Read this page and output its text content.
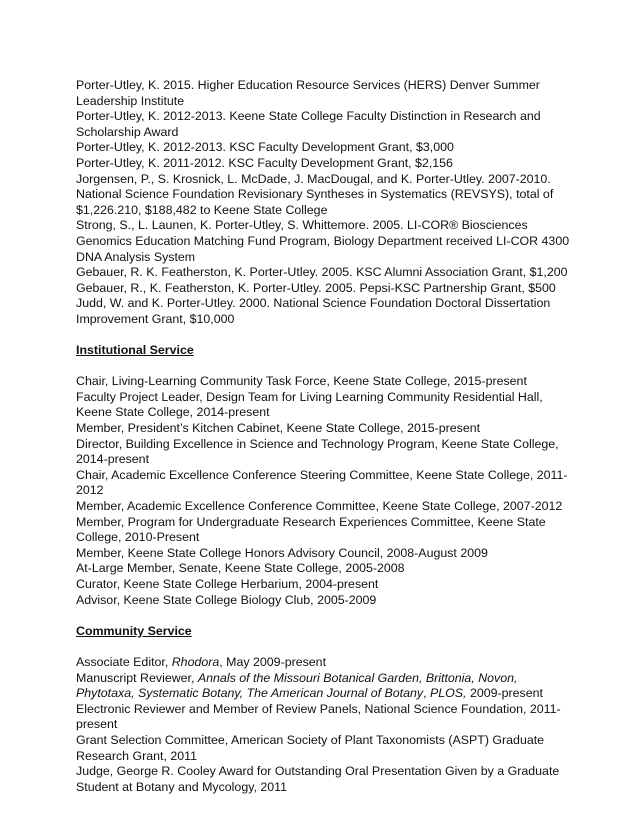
Porter-Utley, K. 2015. Higher Education Resource Services (HERS) Denver Summer Leadership Institute

Porter-Utley, K. 2012-2013. Keene State College Faculty Distinction in Research and Scholarship Award

Porter-Utley, K. 2012-2013. KSC Faculty Development Grant, $3,000

Porter-Utley, K. 2011-2012. KSC Faculty Development Grant, $2,156

Jorgensen, P., S. Krosnick, L. McDade, J. MacDougal, and K. Porter-Utley. 2007-2010. National Science Foundation Revisionary Syntheses in Systematics (REVSYS), total of $1,226.210, $188,482 to Keene State College

Strong, S., L. Launen, K. Porter-Utley, S. Whittemore. 2005. LI-COR® Biosciences Genomics Education Matching Fund Program, Biology Department received LI-COR 4300 DNA Analysis System

Gebauer, R. K. Featherston, K. Porter-Utley. 2005. KSC Alumni Association Grant, $1,200

Gebauer, R., K. Featherston, K. Porter-Utley. 2005. Pepsi-KSC Partnership Grant, $500

Judd, W. and K. Porter-Utley. 2000. National Science Foundation Doctoral Dissertation Improvement Grant, $10,000

Institutional Service

Chair, Living-Learning Community Task Force, Keene State College, 2015-present

Faculty Project Leader, Design Team for Living Learning Community Residential Hall, Keene State College, 2014-present

Member, President’s Kitchen Cabinet, Keene State College, 2015-present

Director, Building Excellence in Science and Technology Program, Keene State College, 2014-present

Chair, Academic Excellence Conference Steering Committee, Keene State College, 2011-2012

Member, Academic Excellence Conference Committee, Keene State College, 2007-2012

Member, Program for Undergraduate Research Experiences Committee, Keene State College, 2010-Present

Member, Keene State College Honors Advisory Council, 2008-August 2009

At-Large Member, Senate, Keene State College, 2005-2008

Curator, Keene State College Herbarium, 2004-present

Advisor, Keene State College Biology Club, 2005-2009

Community Service

Associate Editor, Rhodora, May 2009-present

Manuscript Reviewer, Annals of the Missouri Botanical Garden, Brittonia, Novon, Phytotaxa, Systematic Botany, The American Journal of Botany, PLOS, 2009-present

Electronic Reviewer and Member of Review Panels, National Science Foundation, 2011-present

Grant Selection Committee, American Society of Plant Taxonomists (ASPT) Graduate Research Grant, 2011

Judge, George R. Cooley Award for Outstanding Oral Presentation Given by a Graduate Student at Botany and Mycology, 2011
